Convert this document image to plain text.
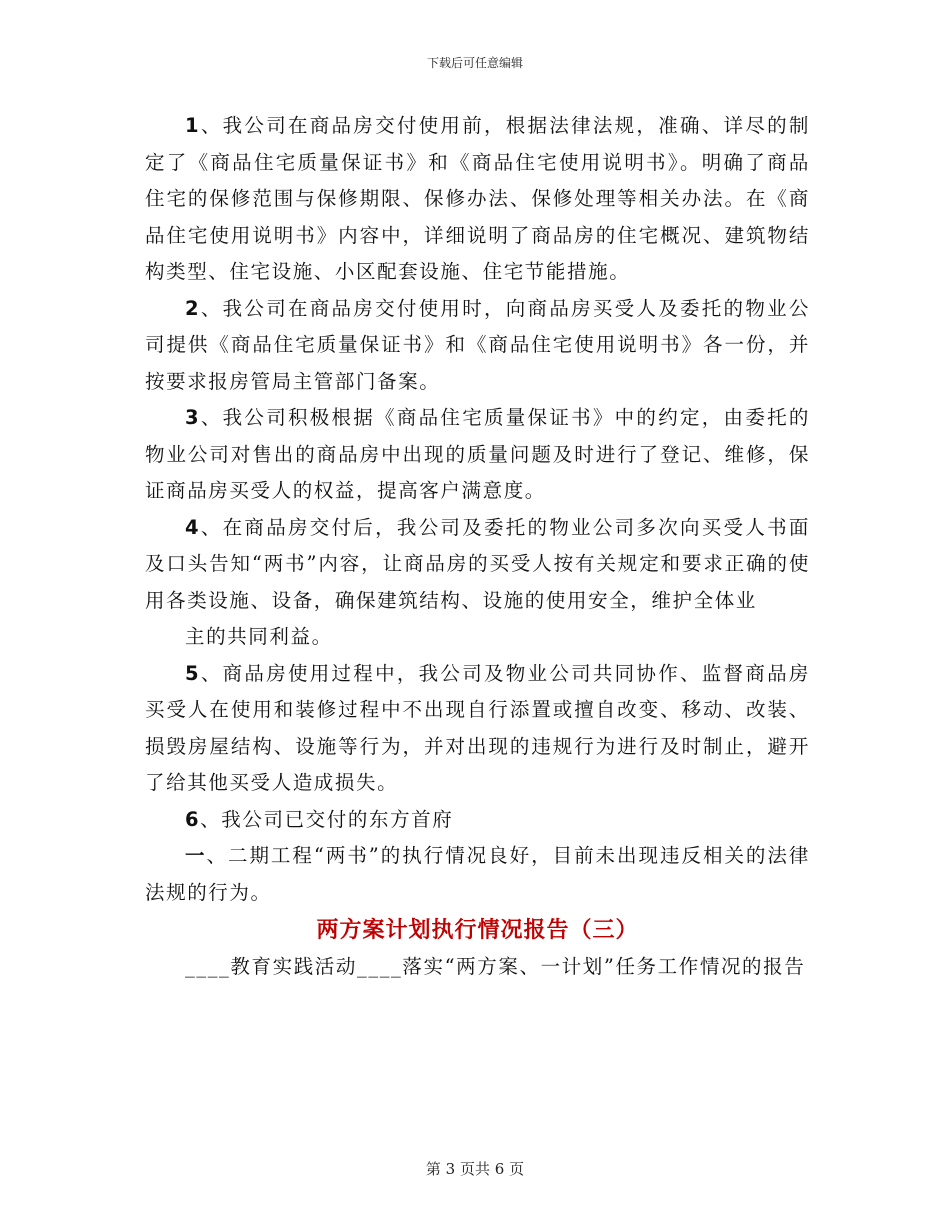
下载后可任意编辑

1、我公司在商品房交付使用前，根据法律法规，准确、详尽的制定了《商品住宅质量保证书》和《商品住宅使用说明书》。明确了商品住宅的保修范围与保修期限、保修办法、保修处理等相关办法。在《商品住宅使用说明书》内容中，详细说明了商品房的住宅概况、建筑物结构类型、住宅设施、小区配套设施、住宅节能措施。

2、我公司在商品房交付使用时，向商品房买受人及委托的物业公司提供《商品住宅质量保证书》和《商品住宅使用说明书》各一份，并按要求报房管局主管部门备案。

3、我公司积极根据《商品住宅质量保证书》中的约定，由委托的物业公司对售出的商品房中出现的质量问题及时进行了登记、维修，保证商品房买受人的权益，提高客户满意度。

4、在商品房交付后，我公司及委托的物业公司多次向买受人书面及口头告知“两书”内容，让商品房的买受人按有关规定和要求正确的使用各类设施、设备，确保建筑结构、设施的使用安全，维护全体业

主的共同利益。

5、商品房使用过程中，我公司及物业公司共同协作、监督商品房买受人在使用和装修过程中不出现自行添置或擅自改变、移动、改装、损毁房屋结构、设施等行为，并对出现的违规行为进行及时制止，避开了给其他买受人造成损失。

6、我公司已交付的东方首府

一、二期工程“两书”的执行情况良好，目前未出现违反相关的法律法规的行为。

两方案计划执行情况报告（三）

____教育实践活动____落实“两方案、一计划”任务工作情况的报告

第 3 页共 6 页
